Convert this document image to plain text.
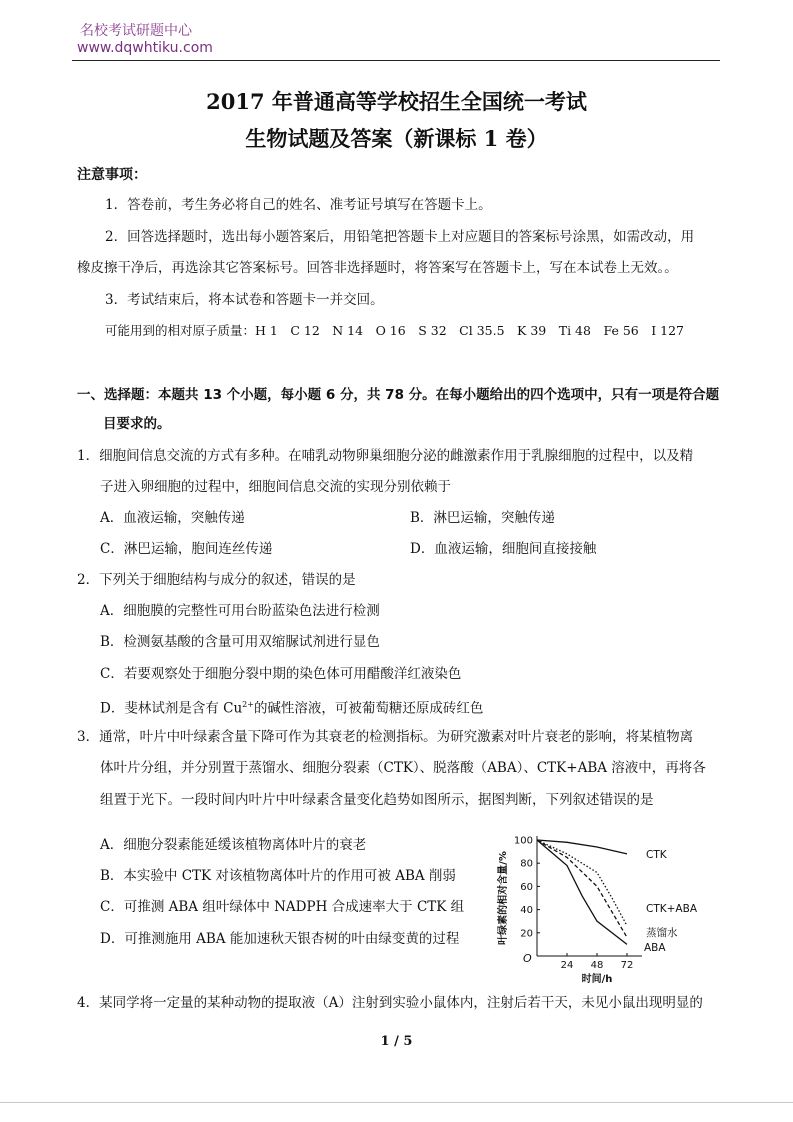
名校考试研题中心
www.dqwhtiku.com
2017 年普通高等学校招生全国统一考试
生物试题及答案（新课标 1 卷）
注意事项：
1．答卷前，考生务必将自己的姓名、准考证号填写在答题卡上。
2．回答选择题时，选出每小题答案后，用铅笔把答题卡上对应题目的答案标号涂黑，如需改动，用
橡皮擦干净后，再选涂其它答案标号。回答非选择题时，将答案写在答题卡上，写在本试卷上无效。。
3．考试结束后，将本试卷和答题卡一并交回。
可能用到的相对原子质量：H 1　C 12　N 14　O 16　S 32　Cl 35.5　K 39　Ti 48　Fe 56　I 127
一、选择题：本题共 13 个小题，每小题 6 分，共 78 分。在每小题给出的四个选项中，只有一项是符合题
目要求的。
1．细胞间信息交流的方式有多种。在哺乳动物卵巢细胞分泌的雌激素作用于乳腺细胞的过程中，以及精
子进入卵细胞的过程中，细胞间信息交流的实现分别依赖于
A．血液运输，突触传递	B．淋巴运输，突触传递
C．淋巴运输，胞间连丝传递	D．血液运输，细胞间直接接触
2．下列关于细胞结构与成分的叙述，错误的是
A．细胞膜的完整性可用台盼蓝染色法进行检测
B．检测氨基酸的含量可用双缩脲试剂进行显色
C．若要观察处于细胞分裂中期的染色体可用醋酸洋红液染色
D．斐林试剂是含有 $Cu^{2+}$的碱性溶液，可被葡萄糖还原成砖红色
3．通常，叶片中叶绿素含量下降可作为其衰老的检测指标。为研究激素对叶片衰老的影响，将某植物离
体叶片分组，并分别置于蒸馏水、细胞分裂素（CTK）、脱落酸（ABA）、CTK+ABA 溶液中，再将各
组置于光下。一段时间内叶片中叶绿素含量变化趋势如图所示，据图判断，下列叙述错误的是
A．细胞分裂素能延缓该植物离体叶片的衰老
B．本实验中 CTK 对该植物离体叶片的作用可被 ABA 削弱
C．可推测 ABA 组叶绿体中 NADPH 合成速率大于 CTK 组
D．可推测施用 ABA 能加速秋天银杏树的叶由绿变黄的过程	20
40
60
80
100
24 48 72
O
时间/h
叶绿素的相对含量/%	CTK
CTK+ABA
蒸馏水
ABA
4．某同学将一定量的某种动物的提取液（A）注射到实验小鼠体内，注射后若干天，未见小鼠出现明显的
1 / 5
